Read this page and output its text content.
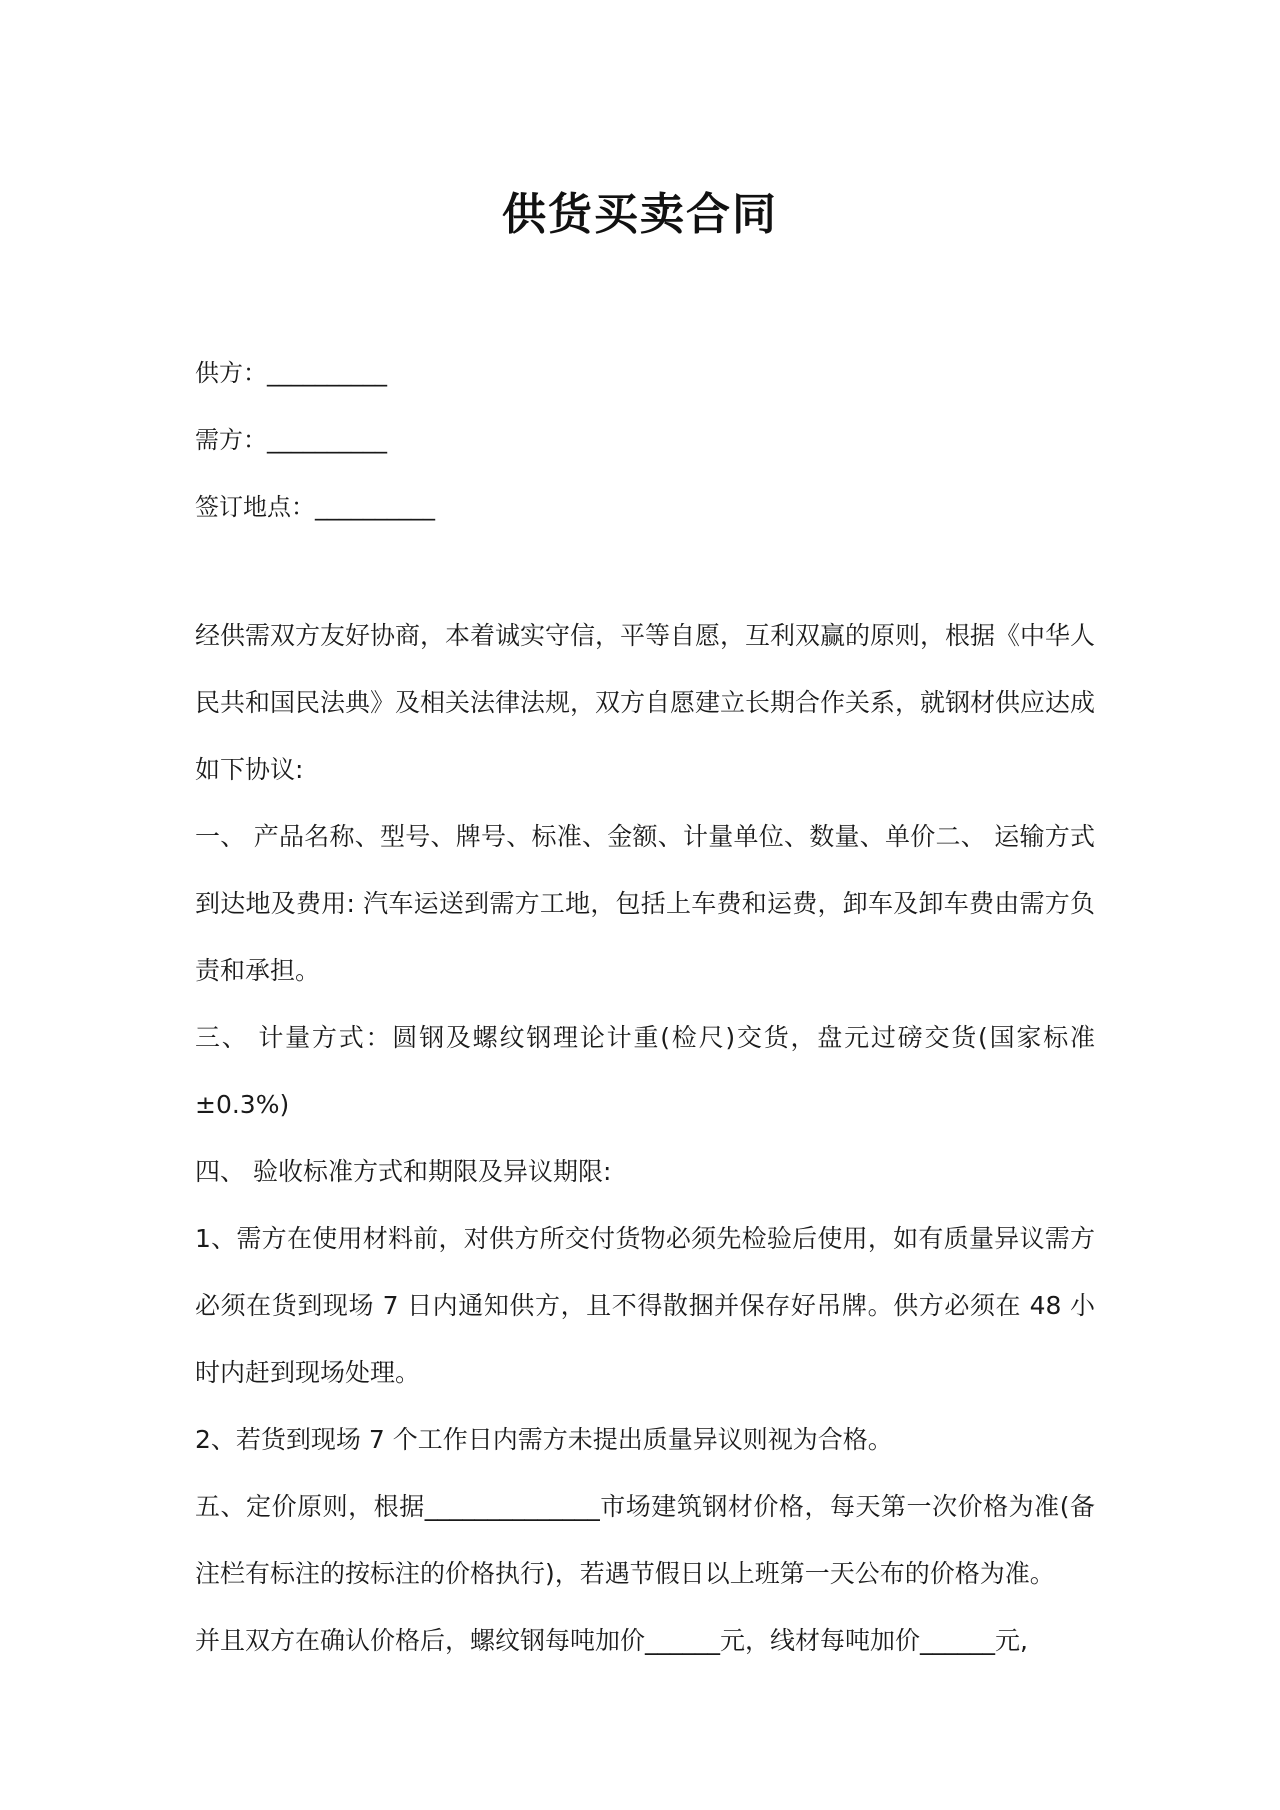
供货买卖合同
供方：__________
需方：__________
签订地点：__________

经供需双方友好协商，本着诚实守信，平等自愿，互利双赢的原则，根据《中华人民共和国民法典》及相关法律法规，双方自愿建立长期合作关系，就钢材供应达成如下协议:

一、 产品名称、型号、牌号、标准、金额、计量单位、数量、单价二、 运输方式到达地及费用: 汽车运送到需方工地，包括上车费和运费，卸车及卸车费由需方负责和承担。

三、 计量方式：圆钢及螺纹钢理论计重(检尺)交货，盘元过磅交货(国家标准±0.3%)

四、 验收标准方式和期限及异议期限:

1、需方在使用材料前，对供方所交付货物必须先检验后使用，如有质量异议需方必须在货到现场 7 日内通知供方，且不得散捆并保存好吊牌。供方必须在 48 小时内赶到现场处理。

2、若货到现场 7 个工作日内需方未提出质量异议则视为合格。

五、定价原则，根据______________市场建筑钢材价格，每天第一次价格为准(备注栏有标注的按标注的价格执行)，若遇节假日以上班第一天公布的价格为准。

并且双方在确认价格后，螺纹钢每吨加价______元，线材每吨加价______元,
